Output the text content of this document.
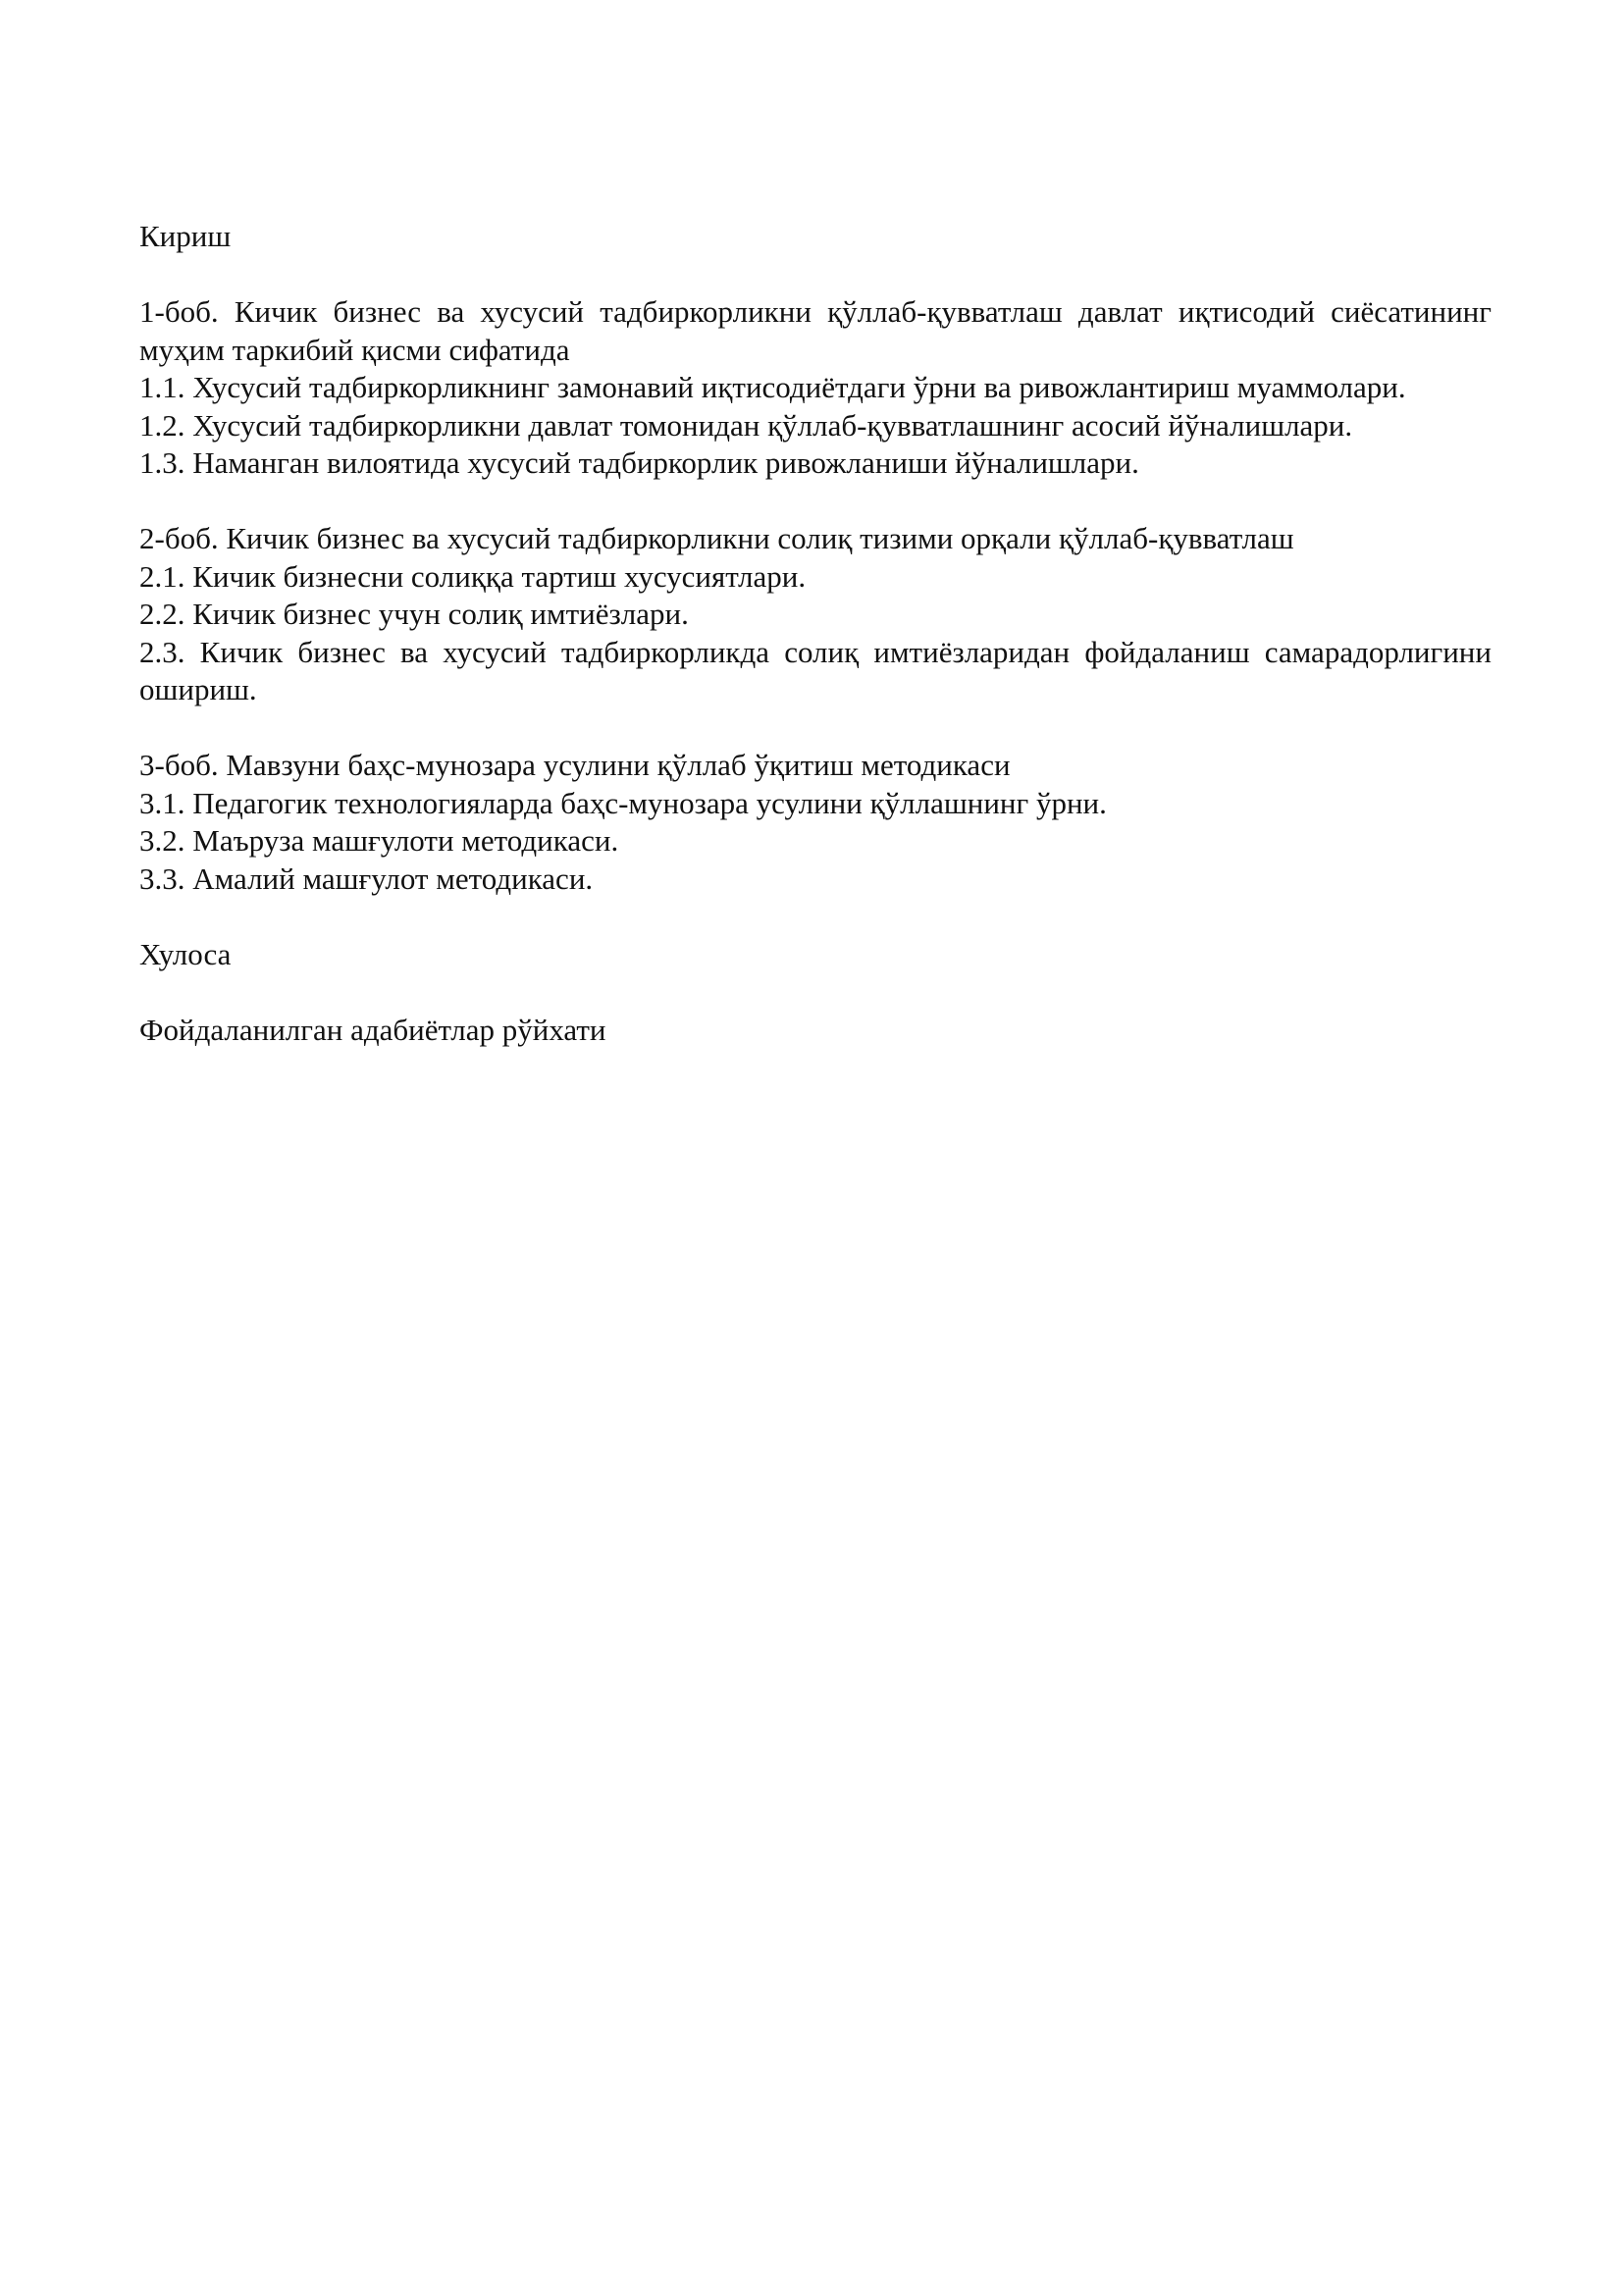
Кириш
1-боб. Кичик бизнес ва хусусий тадбиркорликни қўллаб-қувватлаш давлат иқтисодий сиёсатининг муҳим таркибий қисми сифатида
1.1. Хусусий тадбиркорликнинг замонавий иқтисодиётдаги ўрни ва ривожлантириш муаммолари.
1.2. Хусусий тадбиркорликни давлат томонидан қўллаб-қувватлашнинг асосий йўналишлари.
1.3. Наманган вилоятида хусусий тадбиркорлик ривожланиши йўналишлари.
2-боб. Кичик бизнес ва хусусий тадбиркорликни солиқ тизими орқали қўллаб-қувватлаш
2.1. Кичик бизнесни солиққа тартиш хусусиятлари.
2.2. Кичик бизнес учун солиқ имтиёзлари.
2.3. Кичик бизнес ва хусусий тадбиркорликда солиқ имтиёзларидан фойдаланиш самарадорлигини ошириш.
3-боб. Мавзуни баҳс-мунозара усулини қўллаб ўқитиш методикаси
3.1. Педагогик технологияларда баҳс-мунозара усулини қўллашнинг ўрни.
3.2. Маъруза машғулоти методикаси.
3.3. Амалий машғулот методикаси.
Хулоса
Фойдаланилган адабиётлар рўйхати
